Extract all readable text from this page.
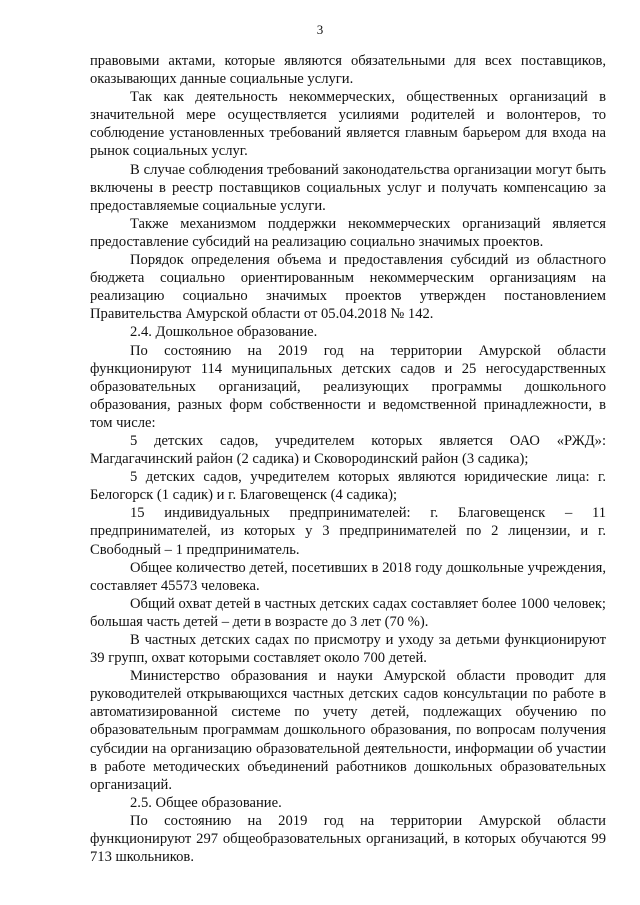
3

правовыми актами, которые являются обязательными для всех поставщиков, оказывающих данные социальные услуги.

Так как деятельность некоммерческих, общественных организаций в значительной мере осуществляется усилиями родителей и волонтеров, то соблюдение установленных требований является главным барьером для входа на рынок социальных услуг.

В случае соблюдения требований законодательства организации могут быть включены в реестр поставщиков социальных услуг и получать компенсацию за предоставляемые социальные услуги.

Также механизмом поддержки некоммерческих организаций является предоставление субсидий на реализацию социально значимых проектов.

Порядок определения объема и предоставления субсидий из областного бюджета социально ориентированным некоммерческим организациям на реализацию социально значимых проектов утвержден постановлением Правительства Амурской области от 05.04.2018 № 142.

2.4. Дошкольное образование.

По состоянию на 2019 год на территории Амурской области функционируют 114 муниципальных детских садов и 25 негосударственных образовательных организаций, реализующих программы дошкольного образования, разных форм собственности и ведомственной принадлежности, в том числе:

5 детских садов, учредителем которых является ОАО «РЖД»: Магдагачинский район (2 садика) и Сковородинский район (3 садика);

5 детских садов, учредителем которых являются юридические лица: г. Белогорск (1 садик) и г. Благовещенск (4 садика);

15 индивидуальных предпринимателей: г. Благовещенск – 11 предпринимателей, из которых у 3 предпринимателей по 2 лицензии, и г. Свободный – 1 предприниматель.

Общее количество детей, посетивших в 2018 году дошкольные учреждения, составляет 45573 человека.

Общий охват детей в частных детских садах составляет более 1000 человек; большая часть детей – дети в возрасте до 3 лет (70 %).

В частных детских садах по присмотру и уходу за детьми функционируют 39 групп, охват которыми составляет около 700 детей.

Министерство образования и науки Амурской области проводит для руководителей открывающихся частных детских садов консультации по работе в автоматизированной системе по учету детей, подлежащих обучению по образовательным программам дошкольного образования, по вопросам получения субсидии на организацию образовательной деятельности, информации об участии в работе методических объединений работников дошкольных образовательных организаций.

2.5. Общее образование.

По состоянию на 2019 год на территории Амурской области функционируют 297 общеобразовательных организаций, в которых обучаются 99 713 школьников.
